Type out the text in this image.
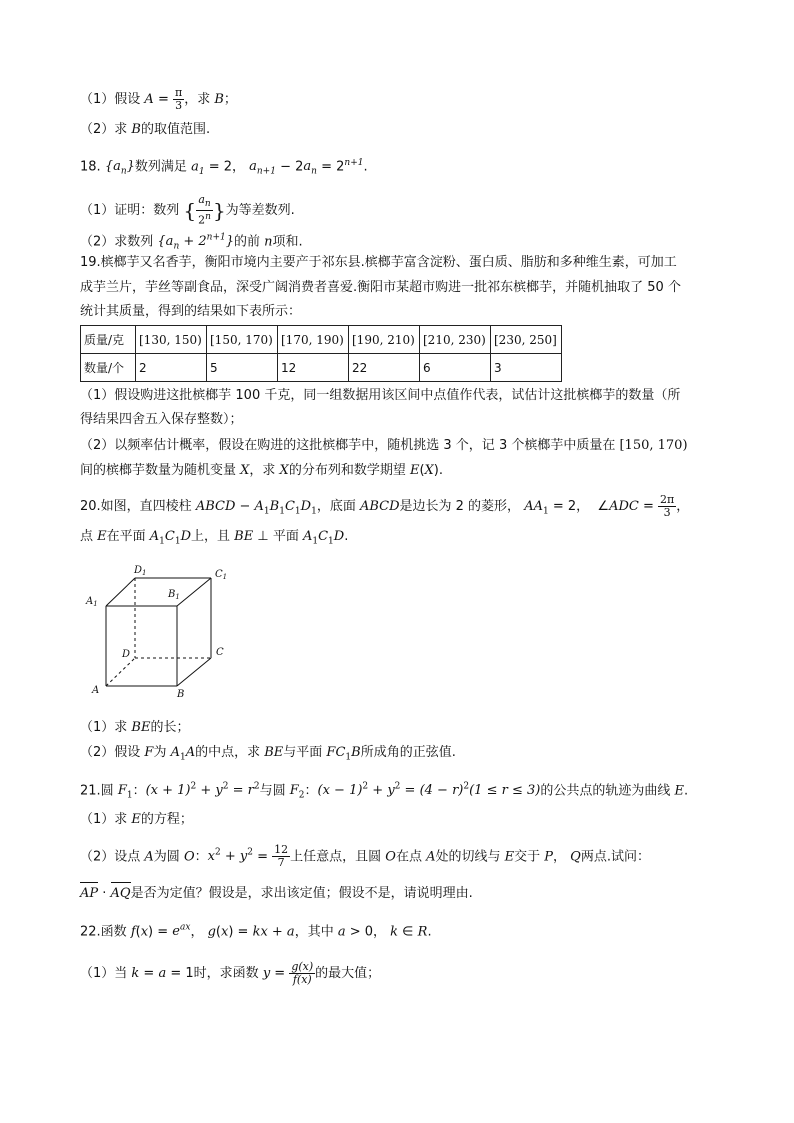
（1）假设 $A = \frac{\pi}{3}$ ，求 B；
（2）求 B的取值范围.
18. $\{a_n\}$数列满足 $a_1 = 2$， $a_{n+1} - 2a_n = 2^{n+1}$.
（1）证明：数列 { $\frac{a_n}{2^n}$ }为等差数列.
（2）求数列 $\{a_n + 2^{n+1}\}$的前 n项和.
19.槟榔芋又名香芋，衡阳市境内主要产于祁东县.槟榔芋富含淀粉、蛋白质、脂肪和多种维生素，可加工
成芋兰片，芋丝等副食品，深受广阔消费者喜爱.衡阳市某超市购进一批祁东槟榔芋，并随机抽取了 50 个
统计其质量，得到的结果如下表所示：
质量/克	[130, 150)	[150, 170)	[170, 190)	[190, 210)	[210, 230)	[230, 250]
数量/个	2	5	12	22	6	3
（1）假设购进这批槟榔芋 100 千克，同一组数据用该区间中点值作代表，试估计这批槟榔芋的数量（所
得结果四舍五入保存整数）；
（2）以频率估计概率，假设在购进的这批槟榔芋中，随机挑选 3 个，记 3 个槟榔芋中质量在 [150, 170)
间的槟榔芋数量为随机变量 X，求 X的分布列和数学期望 E(X).
20.如图，直四棱柱 ABCD − $A_1B_1C_1D_1$，底面 ABCD是边长为 2 的菱形， $AA_1 = 2$，  ∠ADC = $\frac{2\pi}{3}$ ，
点 E在平面 $A_1C_1D$上，且 BE ⊥ 平面 $A_1C_1D$.
$D_1$	$C_1$
$A_1$
$B_1$
D	C
A	B
（1）求 BE的长；
（2）假设 F为 $A_1A$的中点，求 BE与平面 $FC_1B$所成角的正弦值.
21.圆 $F_1$：$(x + 1)^2 + y^2 = r^2$与圆 $F_2$：$(x - 1)^2 + y^2 = (4 - r)^2(1 \le r \le 3)$的公共点的轨迹为曲线 E.
（1）求 E的方程；
（2）设点 A为圆 O：$x^2 + y^2 = \frac{12}{7}$ 上任意点，且圆 O在点 A处的切线与 E交于 P， Q两点.试问：
AP · AQ是否为定值？假设是，求出该定值；假设不是，请说明理由.
22.函数 $f(x) = e^{ax}$， g(x) = kx + a，其中 a > 0， k ∈ R.
（1）当 k = a = 1时，求函数 $y = \frac{g(x)}{f(x)}$ 的最大值；
